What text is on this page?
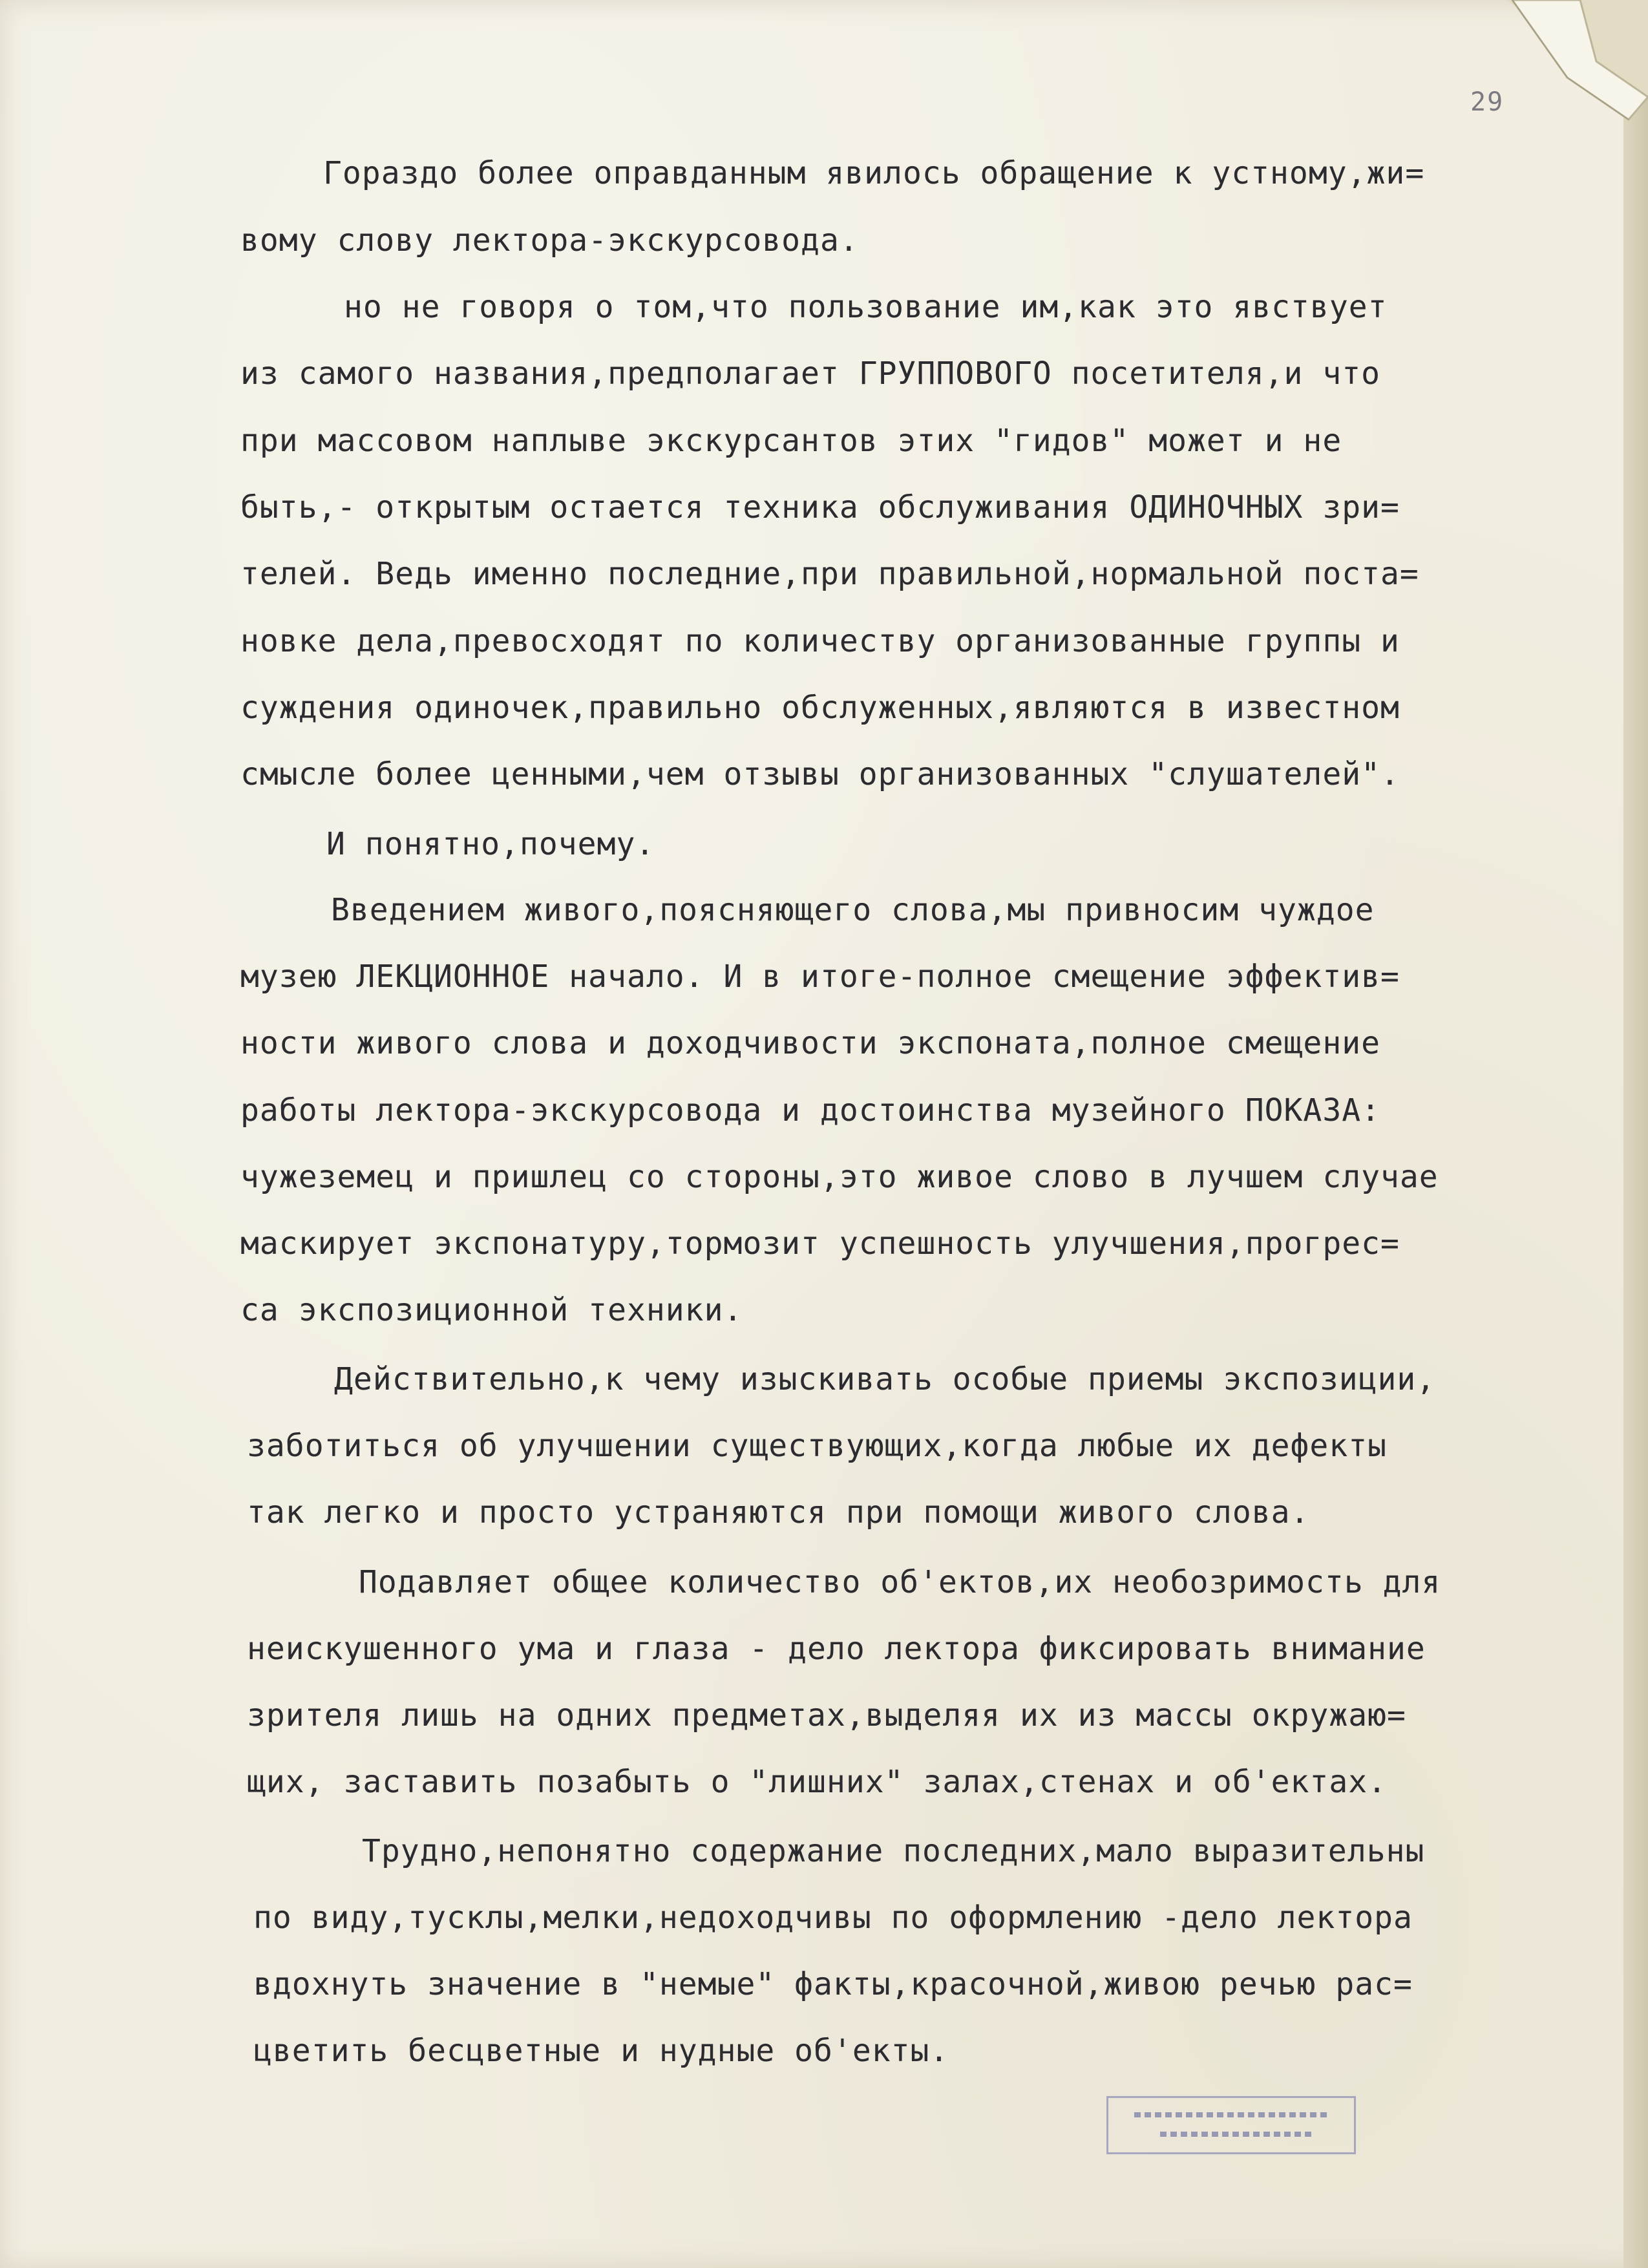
29

Гораздо более оправданным явилось обращение к устному,жи=

вому слову лектора-экскурсовода.

но не говоря о том,что пользование им,как это явствует

из самого названия,предполагает ГРУППОВОГО посетителя,и что

при массовом наплыве экскурсантов этих "гидов" может и не

быть,- открытым остается техника обслуживания ОДИНОЧНЫХ зри=

телей. Ведь именно последние,при правильной,нормальной поста=

новке дела,превосходят по количеству организованные группы и

суждения одиночек,правильно обслуженных,являются в известном

смысле более ценными,чем отзывы организованных "слушателей".

И понятно,почему.

Введением живого,поясняющего слова,мы привносим чуждое

музею ЛЕКЦИОННОЕ начало. И в итоге-полное смещение эффектив=

ности живого слова и доходчивости экспоната,полное смещение

работы лектора-экскурсовода и достоинства музейного ПОКАЗА:

чужеземец и пришлец со стороны,это живое слово в лучшем случае

маскирует экспонатуру,тормозит успешность улучшения,прогрес=

са экспозиционной техники.

Действительно,к чему изыскивать особые приемы экспозиции,

заботиться об улучшении существующих,когда любые их дефекты

так легко и просто устраняются при помощи живого слова.

Подавляет общее количество об'ектов,их необозримость для

неискушенного ума и глаза - дело лектора фиксировать внимание

зрителя лишь на одних предметах,выделяя их из массы окружаю=

щих, заставить позабыть о "лишних" залах,стенах и об'ектах.

Трудно,непонятно содержание последних,мало выразительны

по виду,тусклы,мелки,недоходчивы по оформлению -дело лектора

вдохнуть значение в "немые" факты,красочной,живою речью рас=

цветить бесцветные и нудные об'екты.
